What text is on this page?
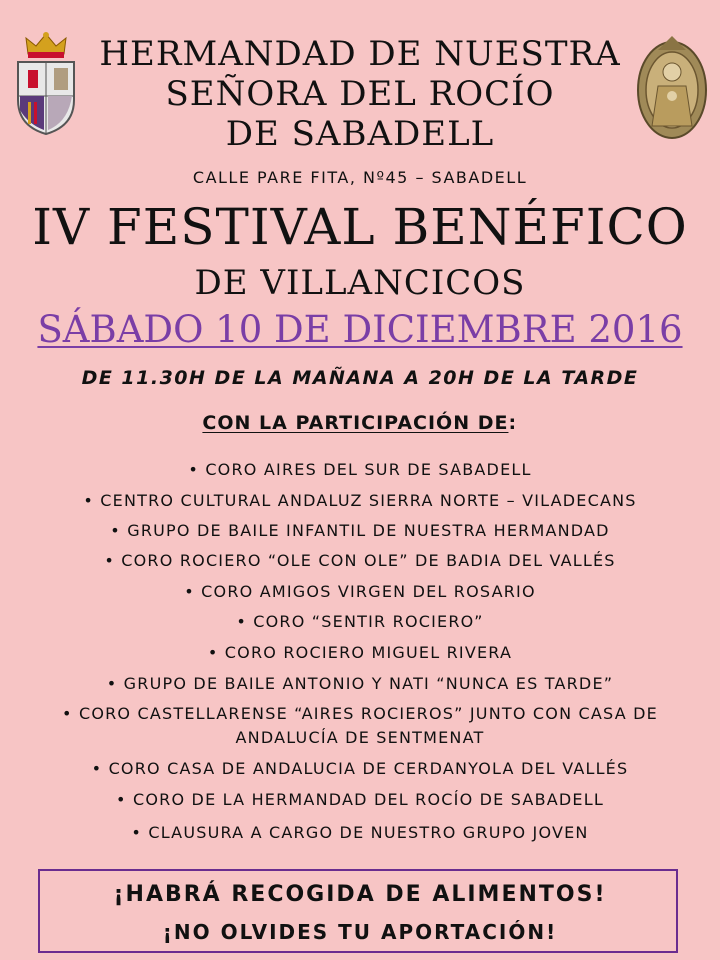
HERMANDAD DE NUESTRA
SEÑORA DEL ROCÍO
DE SABADELL
CALLE PARE FITA, Nº45 – SABADELL
IV FESTIVAL BENÉFICO
DE VILLANCICOS
SÁBADO 10 DE DICIEMBRE 2016
DE 11.30H DE LA MAÑANA A 20H DE LA TARDE
CON LA PARTICIPACIÓN DE:
• CORO AIRES DEL SUR DE SABADELL
• CENTRO CULTURAL ANDALUZ SIERRA NORTE – VILADECANS
• GRUPO DE BAILE INFANTIL DE NUESTRA HERMANDAD
• CORO ROCIERO “OLE CON OLE” DE BADIA DEL VALLÉS
• CORO AMIGOS VIRGEN DEL ROSARIO
• CORO “SENTIR ROCIERO”
• CORO ROCIERO MIGUEL RIVERA
• GRUPO DE BAILE ANTONIO Y NATI “NUNCA ES TARDE”
• CORO CASTELLARENSE “AIRES ROCIEROS” JUNTO CON CASA DE
ANDALUCÍA DE SENTMENAT
• CORO CASA DE ANDALUCIA DE CERDANYOLA DEL VALLÉS
• CORO DE LA HERMANDAD DEL ROCÍO DE SABADELL
• CLAUSURA A CARGO DE NUESTRO GRUPO JOVEN
¡HABRÁ RECOGIDA DE ALIMENTOS!
¡NO OLVIDES TU APORTACIÓN!
